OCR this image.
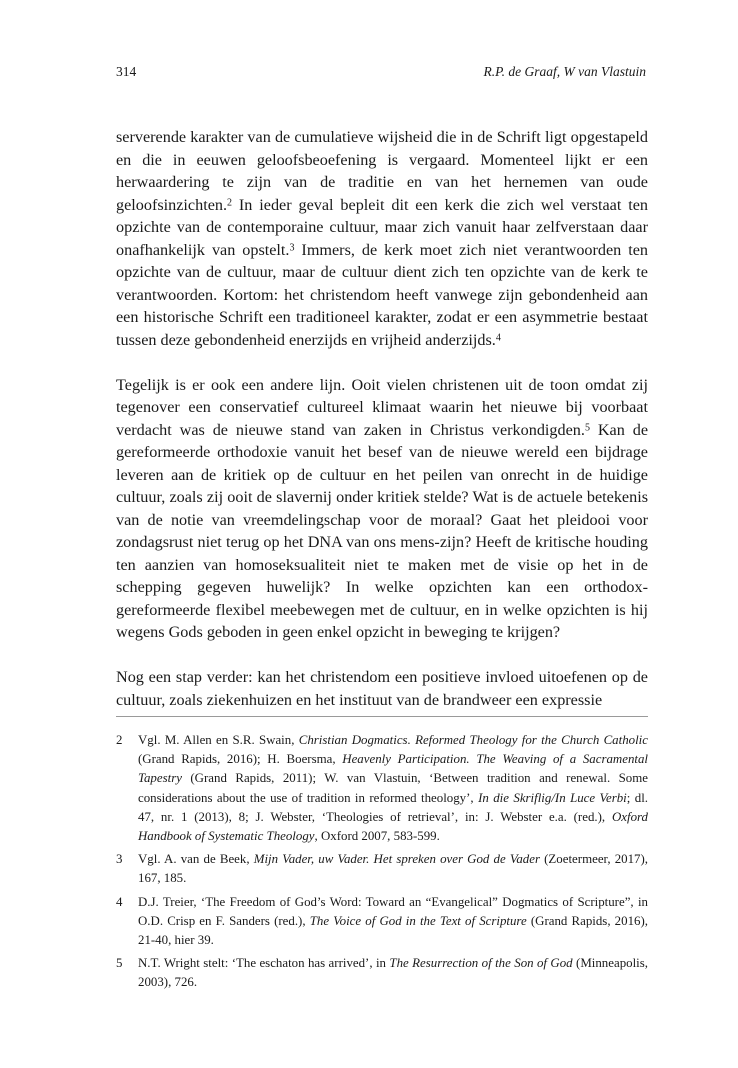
314	R.P. de Graaf, W van Vlastuin

serverende karakter van de cumulatieve wijsheid die in de Schrift ligt opgestapeld en die in eeuwen geloofsbeoefening is vergaard. Momenteel lijkt er een herwaardering te zijn van de traditie en van het hernemen van oude geloofsinzichten.$^2$ In ieder geval bepleit dit een kerk die zich wel verstaat ten opzichte van de contemporaine cultuur, maar zich vanuit haar zelfverstaan daar onafhankelijk van opstelt.$^3$ Immers, de kerk moet zich niet verantwoorden ten opzichte van de cultuur, maar de cultuur dient zich ten opzichte van de kerk te verantwoorden. Kortom: het christendom heeft vanwege zijn gebondenheid aan een historische Schrift een traditioneel karakter, zodat er een asymmetrie bestaat tussen deze gebondenheid enerzijds en vrijheid anderzijds.$^4$

Tegelijk is er ook een andere lijn. Ooit vielen christenen uit de toon omdat zij tegenover een conservatief cultureel klimaat waarin het nieuwe bij voorbaat verdacht was de nieuwe stand van zaken in Christus verkondigden.$^5$ Kan de gereformeerde orthodoxie vanuit het besef van de nieuwe wereld een bijdrage leveren aan de kritiek op de cultuur en het peilen van onrecht in de huidige cultuur, zoals zij ooit de slavernij onder kritiek stelde? Wat is de actuele betekenis van de notie van vreemdelingschap voor de moraal? Gaat het pleidooi voor zondagsrust niet terug op het DNA van ons mens-zijn? Heeft de kritische houding ten aanzien van homoseksualiteit niet te maken met de visie op het in de schepping gegeven huwelijk? In welke opzichten kan een orthodox-gereformeerde flexibel meebewegen met de cultuur, en in welke opzichten is hij wegens Gods geboden in geen enkel opzicht in beweging te krijgen?

Nog een stap verder: kan het christendom een positieve invloed uitoefenen op de cultuur, zoals ziekenhuizen en het instituut van de brandweer een expressie

2	Vgl. M. Allen en S.R. Swain, Christian Dogmatics. Reformed Theology for the Church Catholic (Grand Rapids, 2016); H. Boersma, Heavenly Participation. The Weaving of a Sacramental Tapestry (Grand Rapids, 2011); W. van Vlastuin, ‘Between tradition and renewal. Some considerations about the use of tradition in reformed theology’, In die Skriflig/In Luce Verbi; dl. 47, nr. 1 (2013), 8; J. Webster, ‘Theologies of retrieval’, in: J. Webster e.a. (red.), Oxford Handbook of Systematic Theology, Oxford 2007, 583-599.
3	Vgl. A. van de Beek, Mijn Vader, uw Vader. Het spreken over God de Vader (Zoetermeer, 2017), 167, 185.
4	D.J. Treier, ‘The Freedom of God’s Word: Toward an “Evangelical” Dogmatics of Scripture”, in O.D. Crisp en F. Sanders (red.), The Voice of God in the Text of Scripture (Grand Rapids, 2016), 21-40, hier 39.
5	N.T. Wright stelt: ‘The eschaton has arrived’, in The Resurrection of the Son of God (Minneapolis, 2003), 726.
